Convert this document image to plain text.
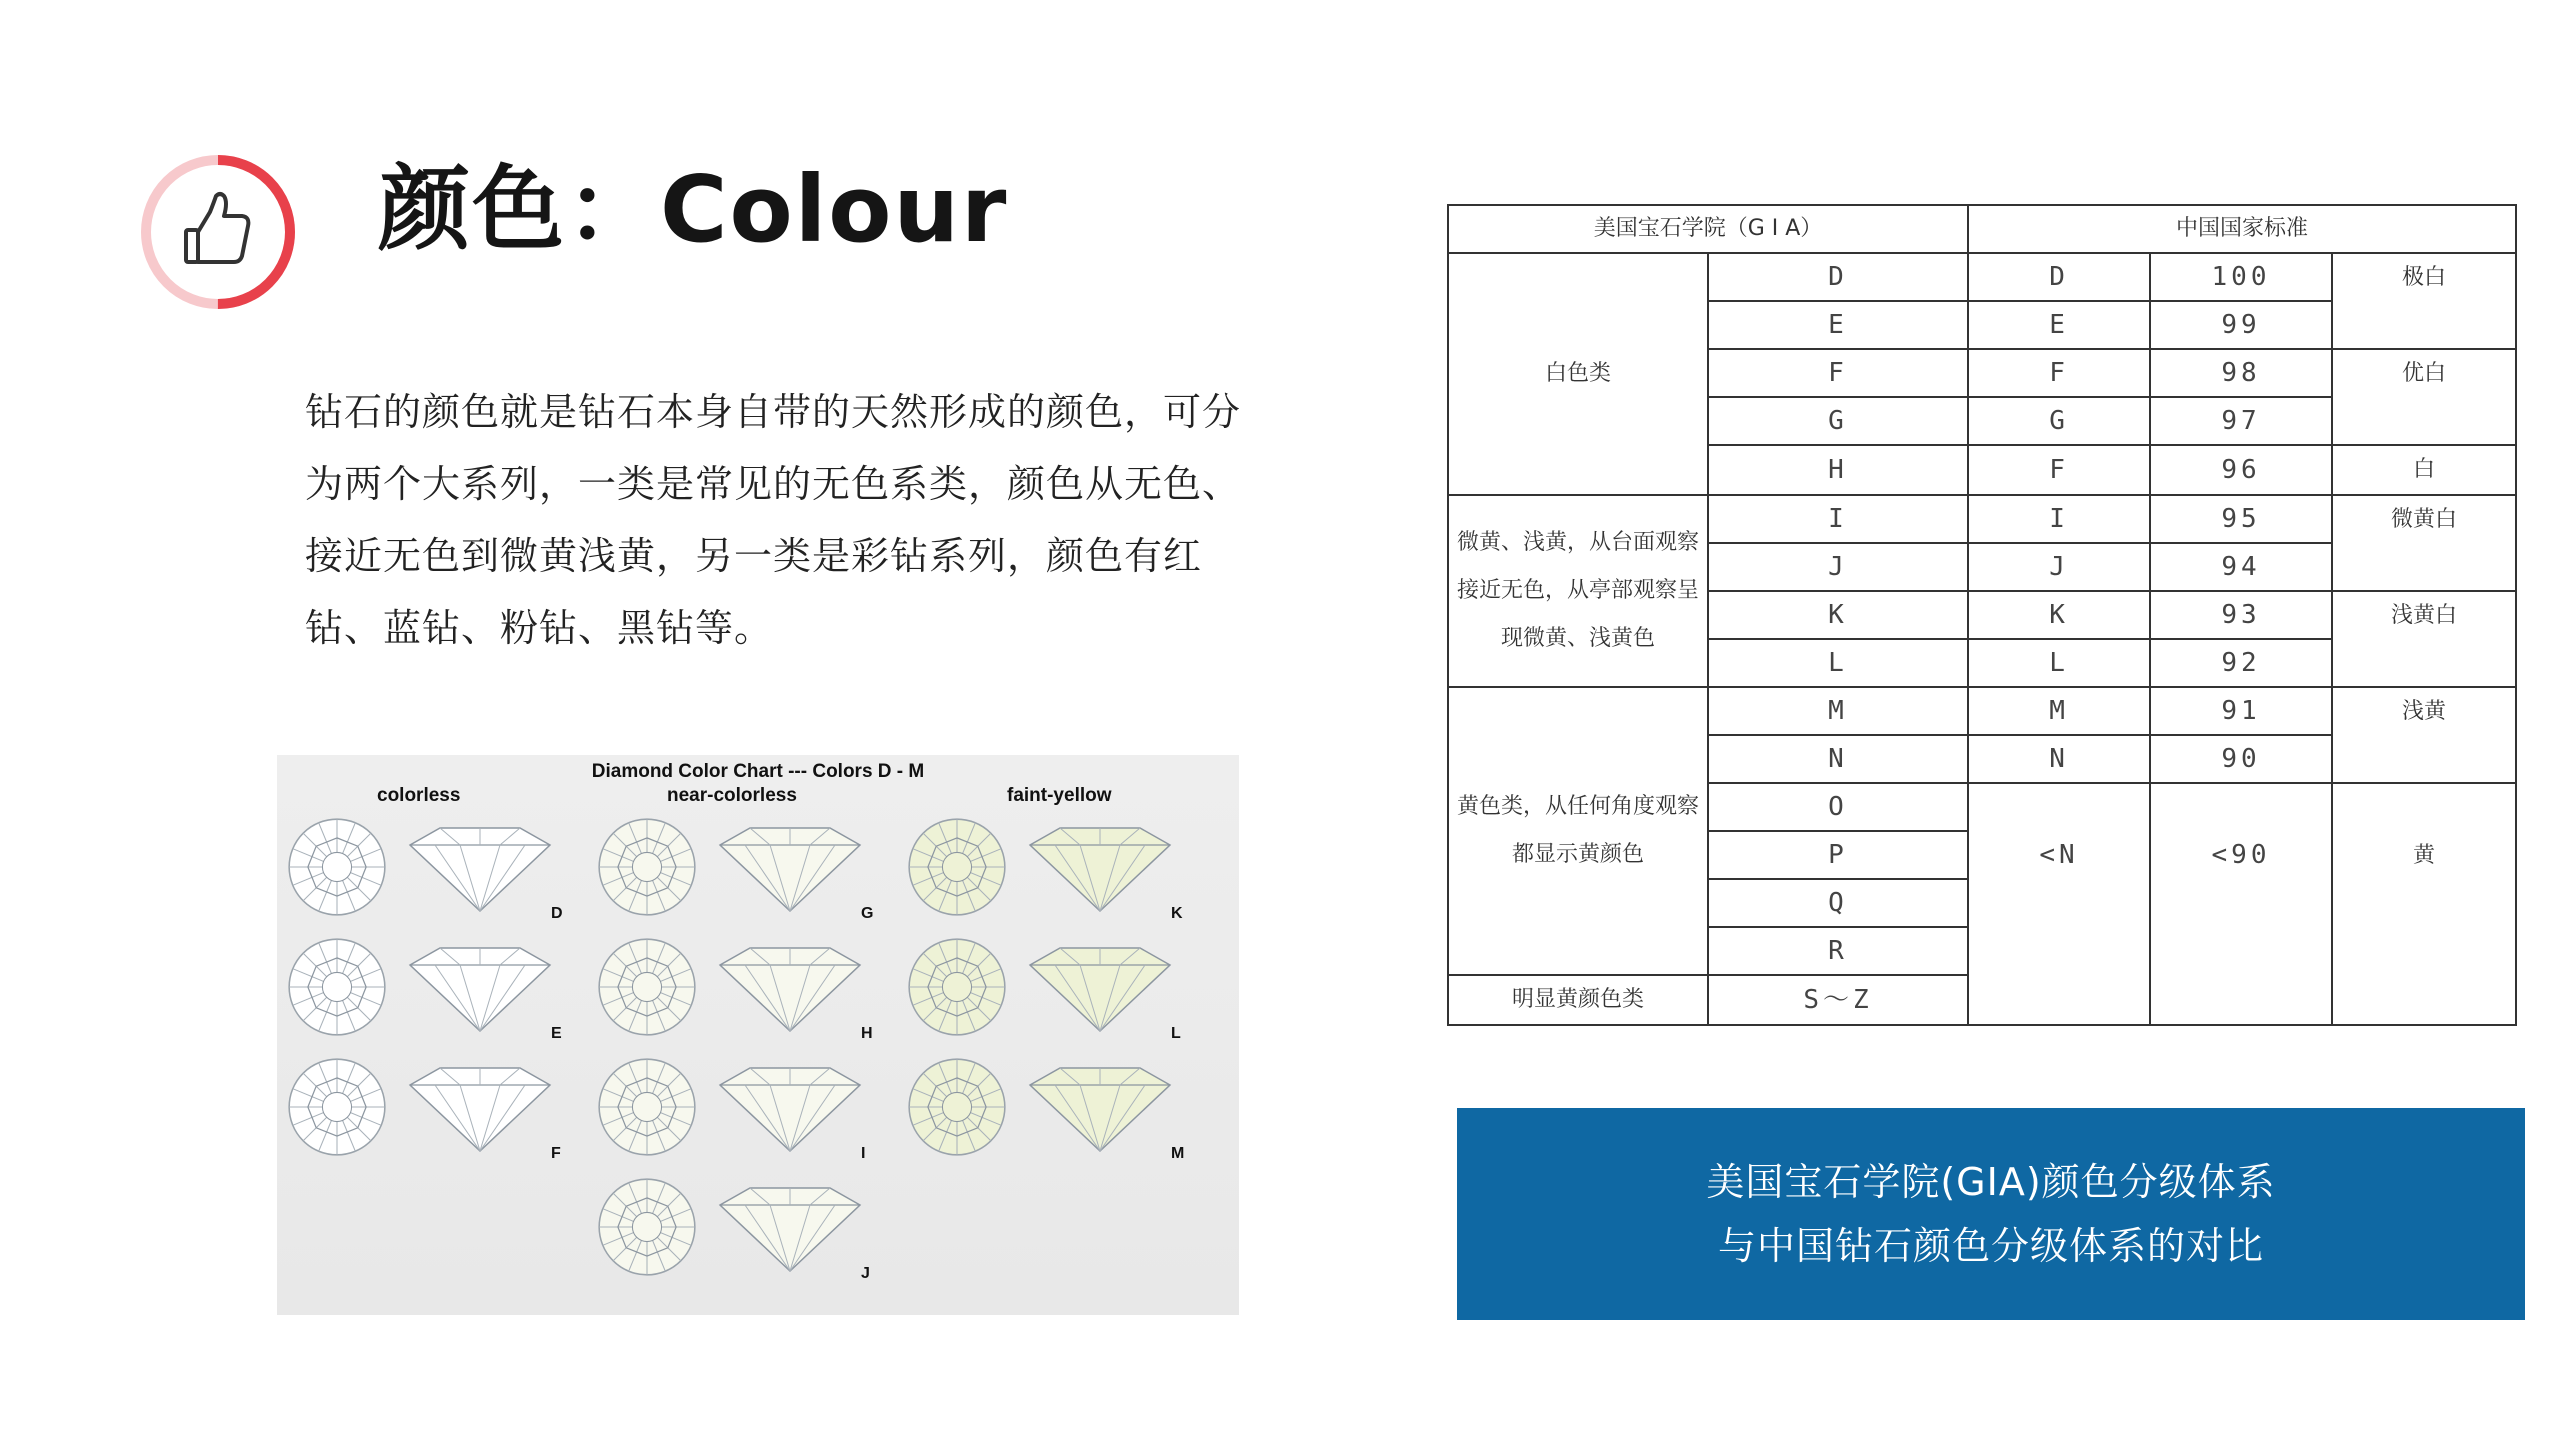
颜色：Colour
钻石的颜色就是钻石本身自带的天然形成的颜色，可分为两个大系列，一类是常见的无色系类，颜色从无色、接近无色到微黄浅黄，另一类是彩钻系列，颜色有红钻、蓝钻、粉钻、黑钻等。
Diamond Color Chart --- Colors D - M
colorless	near-colorless	faint-yellow
D
E
F
G
H
I
J
K
L
M
美国宝石学院（G I A）		中国国家标准		
白色类	D	D	100	极白
	E	E	99	
	F	F	98	优白
	G	G	97	
	H	F	96	白
微黄、浅黄，从台面观察接近无色，从亭部观察呈现微黄、浅黄色	I	I	95	微黄白
	J	J	94	
	K	K	93	浅黄白
	L	L	92	
黄色类，从任何角度观察都显示黄颜色	M	M	91	浅黄
	N	N	90	
	O	<N	<90	黄
	P			
	Q			
	R			
明显黄颜色类	S～Z			
美国宝石学院(GIA)颜色分级体系
与中国钻石颜色分级体系的对比
